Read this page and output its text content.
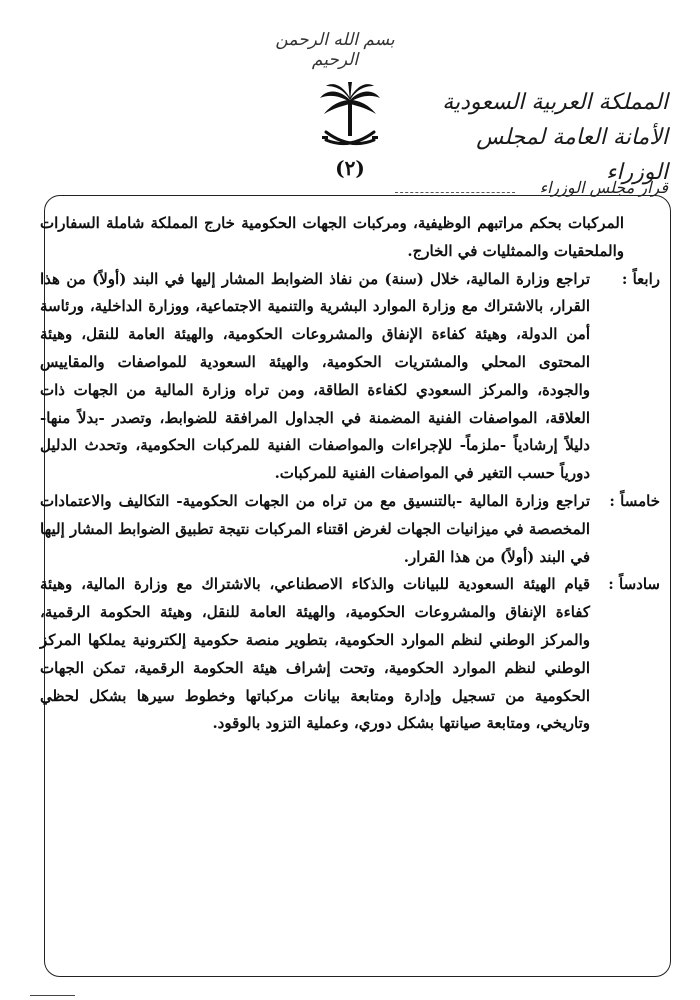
بسم الله الرحمن الرحيم
(٢)
المملكة العربية السعودية
الأمانة العامة لمجلس الوزراء
قرار مجلس الوزراء

المركبات بحكم مراتبهم الوظيفية، ومركبات الجهات الحكومية خارج المملكة شاملة السفارات والملحقيات والممثليات في الخارج.

رابعاً :

تراجع وزارة المالية، خلال (سنة) من نفاذ الضوابط المشار إليها في البند (أولاً) من هذا القرار، بالاشتراك مع وزارة الموارد البشرية والتنمية الاجتماعية، ووزارة الداخلية، ورئاسة أمن الدولة، وهيئة كفاءة الإنفاق والمشروعات الحكومية، والهيئة العامة للنقل، وهيئة المحتوى المحلي والمشتريات الحكومية، والهيئة السعودية للمواصفات والمقاييس والجودة، والمركز السعودي لكفاءة الطاقة، ومن تراه وزارة المالية من الجهات ذات العلاقة، المواصفات الفنية المضمنة في الجداول المرافقة للضوابط، وتصدر -بدلاً منها- دليلاً إرشادياً -ملزماً- للإجراءات والمواصفات الفنية للمركبات الحكومية، وتحدث الدليل دورياً حسب التغير في المواصفات الفنية للمركبات.

خامساً :

تراجع وزارة المالية -بالتنسيق مع من تراه من الجهات الحكومية- التكاليف والاعتمادات المخصصة في ميزانيات الجهات لغرض اقتناء المركبات نتيجة تطبيق الضوابط المشار إليها في البند (أولاً) من هذا القرار.

سادساً :

قيام الهيئة السعودية للبيانات والذكاء الاصطناعي، بالاشتراك مع وزارة المالية، وهيئة كفاءة الإنفاق والمشروعات الحكومية، والهيئة العامة للنقل، وهيئة الحكومة الرقمية، والمركز الوطني لنظم الموارد الحكومية، بتطوير منصة حكومية إلكترونية يملكها المركز الوطني لنظم الموارد الحكومية، وتحت إشراف هيئة الحكومة الرقمية، تمكن الجهات الحكومية من تسجيل وإدارة ومتابعة بيانات مركباتها وخطوط سيرها بشكل لحظي وتاريخي، ومتابعة صيانتها بشكل دوري، وعملية التزود بالوقود.
